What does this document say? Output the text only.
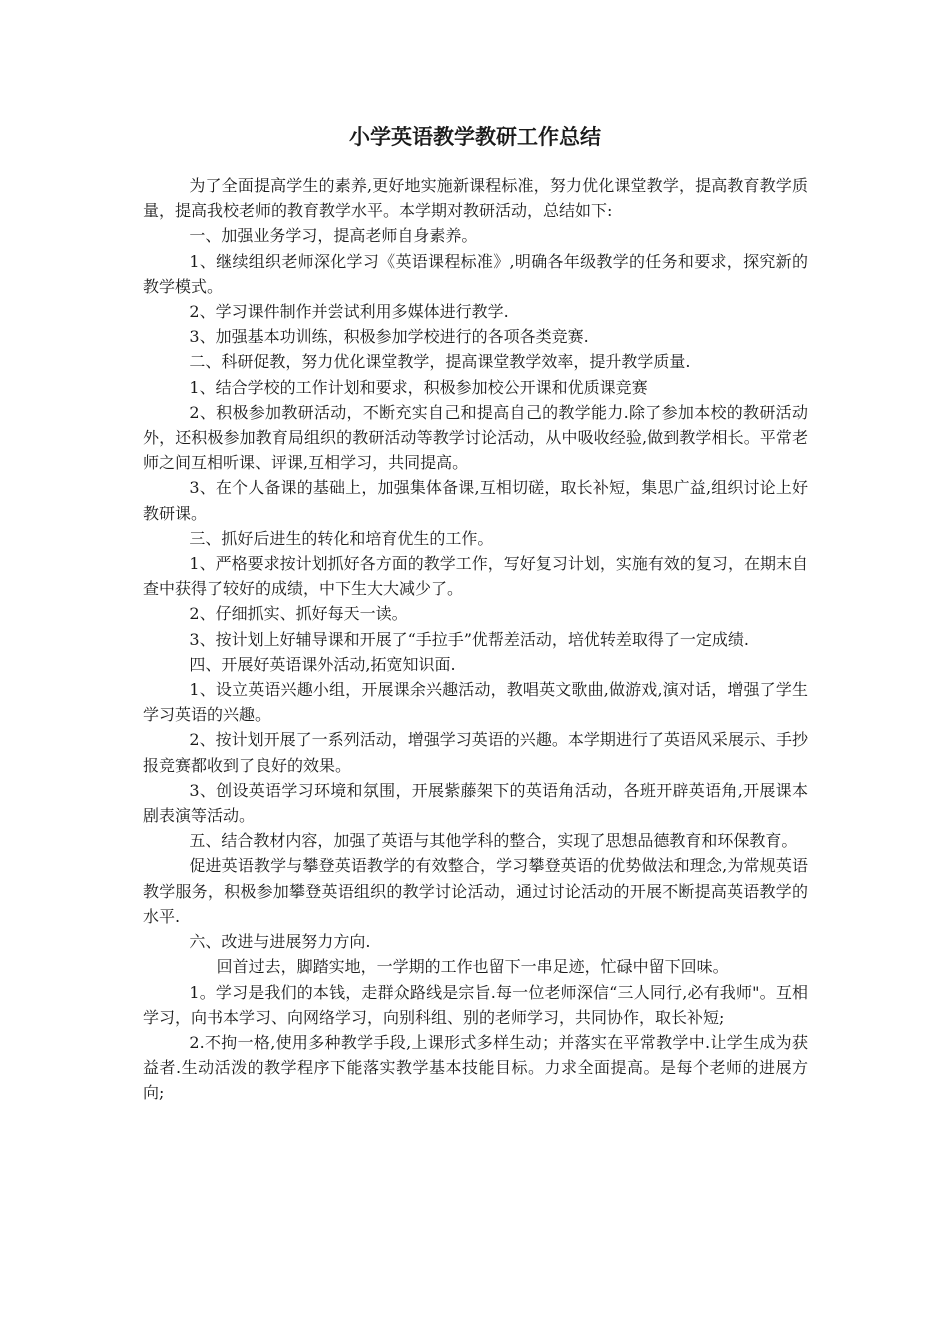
小学英语教学教研工作总结

为了全面提高学生的素养,更好地实施新课程标准，努力优化课堂教学，提高教育教学质量，提高我校老师的教育教学水平。本学期对教研活动，总结如下:

一、加强业务学习，提高老师自身素养。

1、继续组织老师深化学习《英语课程标准》,明确各年级教学的任务和要求，探究新的教学模式。

2、学习课件制作并尝试利用多媒体进行教学.

3、加强基本功训练，积极参加学校进行的各项各类竞赛.

二、科研促教，努力优化课堂教学，提高课堂教学效率，提升教学质量.

1、结合学校的工作计划和要求，积极参加校公开课和优质课竞赛

2、积极参加教研活动，不断充实自己和提高自己的教学能力.除了参加本校的教研活动外，还积极参加教育局组织的教研活动等教学讨论活动，从中吸收经验,做到教学相长。平常老师之间互相听课、评课,互相学习，共同提高。

3、在个人备课的基础上，加强集体备课,互相切磋，取长补短，集思广益,组织讨论上好教研课。

三、抓好后进生的转化和培育优生的工作。

1、严格要求按计划抓好各方面的教学工作，写好复习计划，实施有效的复习，在期末自查中获得了较好的成绩，中下生大大减少了。

2、仔细抓实、抓好每天一读。

3、按计划上好辅导课和开展了“手拉手”优帮差活动，培优转差取得了一定成绩.

四、开展好英语课外活动,拓宽知识面.

1、设立英语兴趣小组，开展课余兴趣活动，教唱英文歌曲,做游戏,演对话，增强了学生学习英语的兴趣。

2、按计划开展了一系列活动，增强学习英语的兴趣。本学期进行了英语风采展示、手抄报竞赛都收到了良好的效果。

3、创设英语学习环境和氛围，开展紫藤架下的英语角活动，各班开辟英语角,开展课本剧表演等活动。

五、结合教材内容，加强了英语与其他学科的整合，实现了思想品德教育和环保教育。

促进英语教学与攀登英语教学的有效整合，学习攀登英语的优势做法和理念,为常规英语教学服务，积极参加攀登英语组织的教学讨论活动，通过讨论活动的开展不断提高英语教学的水平.

六、改进与进展努力方向.

回首过去，脚踏实地，一学期的工作也留下一串足迹，忙碌中留下回味。

1。学习是我们的本钱，走群众路线是宗旨.每一位老师深信“三人同行,必有我师"。互相学习，向书本学习、向网络学习，向别科组、别的老师学习，共同协作，取长补短;

2.不拘一格,使用多种教学手段,上课形式多样生动；并落实在平常教学中.让学生成为获益者.生动活泼的教学程序下能落实教学基本技能目标。力求全面提高。是每个老师的进展方向;
